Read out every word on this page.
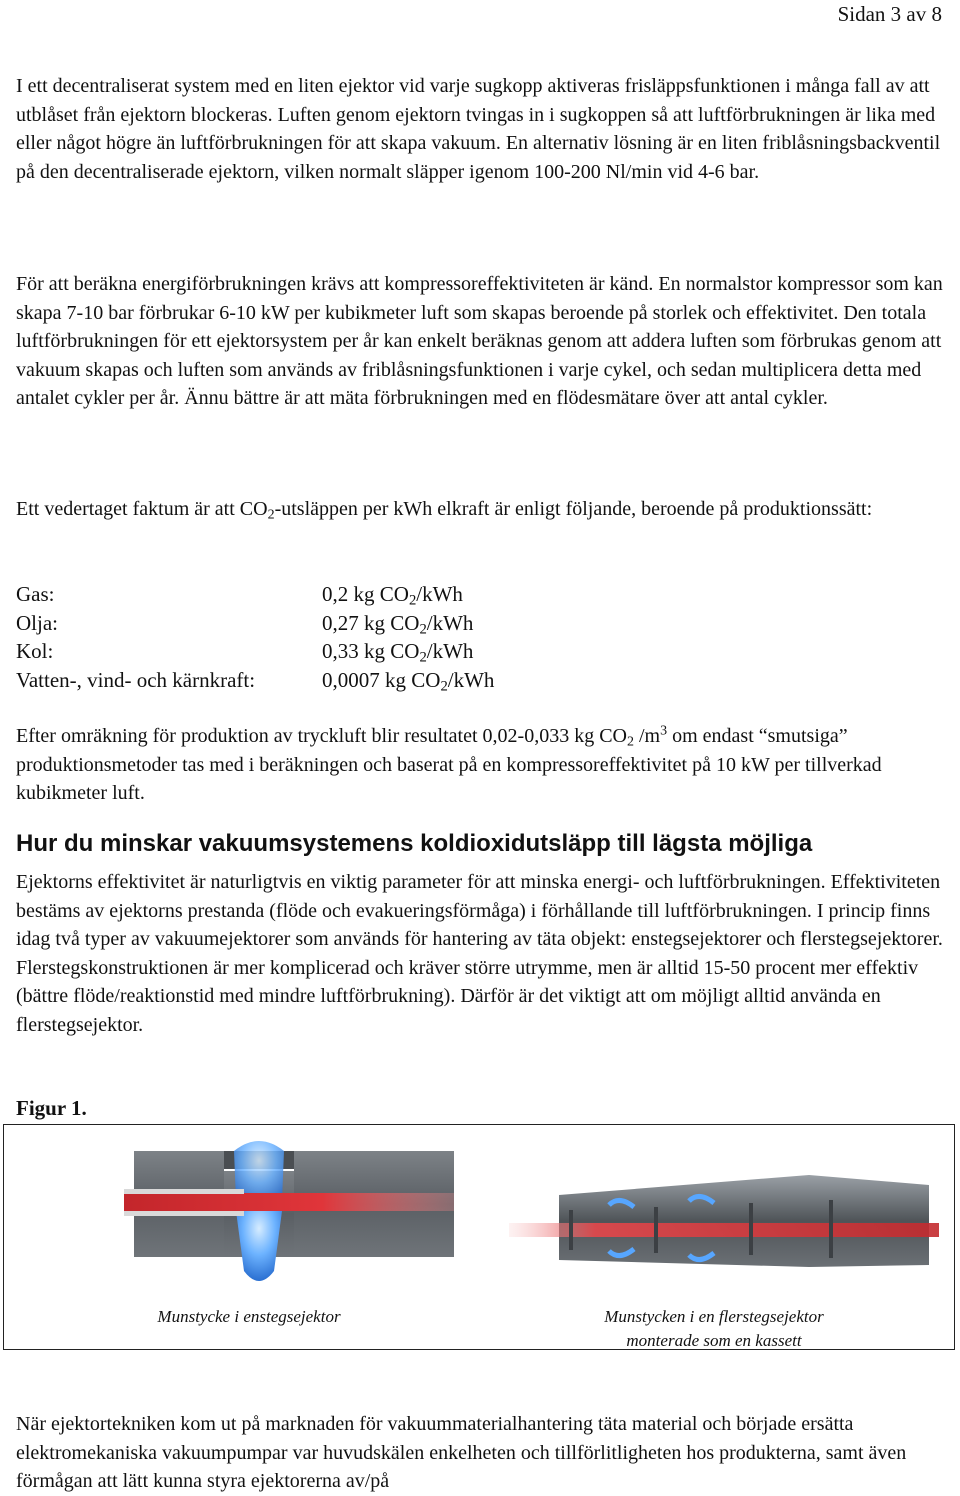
Sidan 3 av 8

I ett decentraliserat system med en liten ejektor vid varje sugkopp aktiveras frisläppsfunktionen i många fall av att utblåset från ejektorn blockeras. Luften genom ejektorn tvingas in i sugkoppen så att luftförbrukningen är lika med eller något högre än luftförbrukningen för att skapa vakuum. En alternativ lösning är en liten friblåsningsbackventil på den decentraliserade ejektorn, vilken normalt släpper igenom 100-200 Nl/min vid 4-6 bar.

För att beräkna energiförbrukningen krävs att kompressoreffektiviteten är känd. En normalstor kompressor som kan skapa 7-10 bar förbrukar 6-10 kW per kubikmeter luft som skapas beroende på storlek och effektivitet. Den totala luftförbrukningen för ett ejektorsystem per år kan enkelt beräknas genom att addera luften som förbrukas genom att vakuum skapas och luften som används av friblåsningsfunktionen i varje cykel, och sedan multiplicera detta med antalet cykler per år. Ännu bättre är att mäta förbrukningen med en flödesmätare över att antal cykler.

Ett vedertaget faktum är att $CO_2$-utsläppen per kWh elkraft är enligt följande, beroende på produktionssätt:

Gas:	0,2 kg $CO_2$/kWh
Olja:	0,27 kg $CO_2$/kWh
Kol:	0,33 kg $CO_2$/kWh
Vatten-, vind- och kärnkraft:	0,0007 kg $CO_2$/kWh

Efter omräkning för produktion av tryckluft blir resultatet 0,02-0,033 kg $CO_2$ $/m^3$ om endast “smutsiga” produktionsmetoder tas med i beräkningen och baserat på en kompressoreffektivitet på 10 kW per tillverkad kubikmeter luft.

Hur du minskar vakuumsystemens koldioxidutsläpp till lägsta möjliga

Ejektorns effektivitet är naturligtvis en viktig parameter för att minska energi- och luftförbrukningen. Effektiviteten bestäms av ejektorns prestanda (flöde och evakueringsförmåga) i förhållande till luftförbrukningen. I princip finns idag två typer av vakuumejektorer som används för hantering av täta objekt: enstegsejektorer och flerstegsejektorer. Flerstegskonstruktionen är mer komplicerad och kräver större utrymme, men är alltid 15-50 procent mer effektiv (bättre flöde/reaktionstid med mindre luftförbrukning). Därför är det viktigt att om möjligt alltid använda en flerstegsejektor.

Figur 1.
Munstycke i enstegsejektor	Munstycken i en flerstegsejektor
monterade som en kassett

När ejektortekniken kom ut på marknaden för vakuummaterialhantering täta material och började ersätta elektromekaniska vakuumpumpar var huvudskälen enkelheten och tillförlitligheten hos produkterna, samt även förmågan att lätt kunna styra ejektorerna av/på
